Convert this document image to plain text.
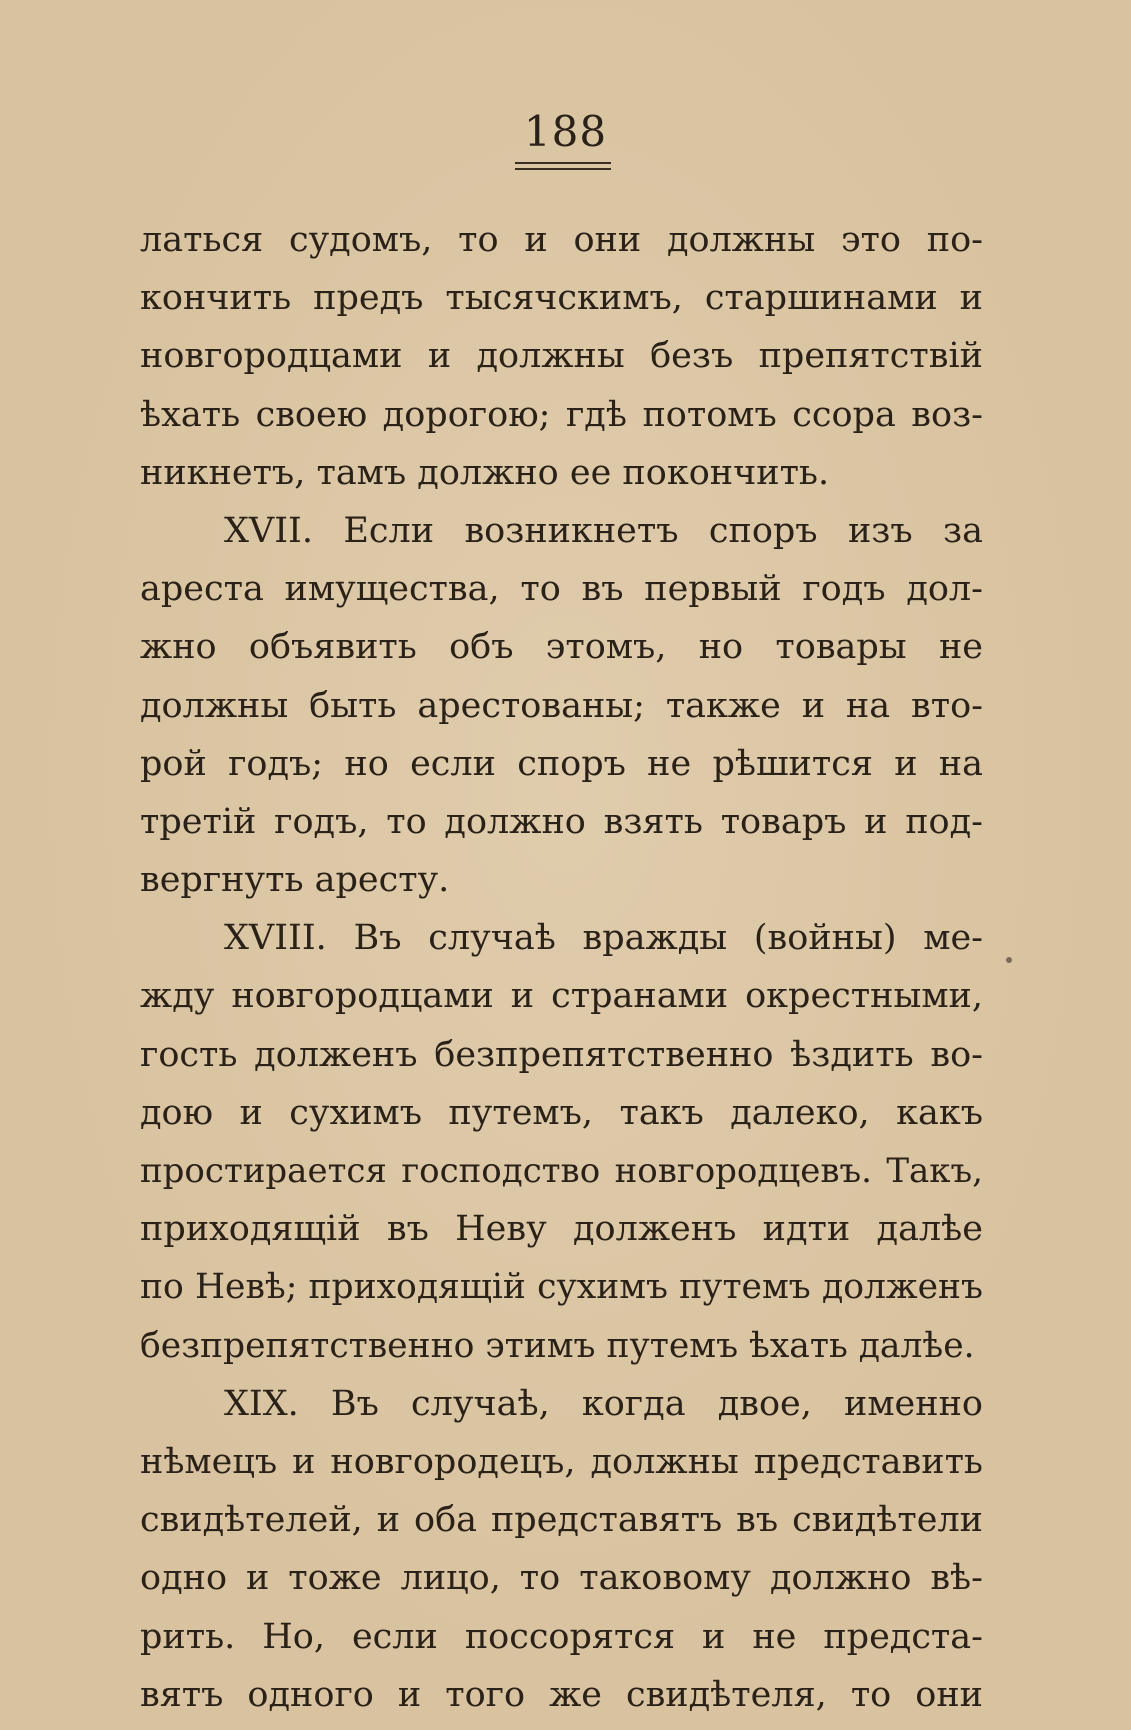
188
латься судомъ, то и они должны это по-
кончить предъ тысячскимъ, старшинами и
новгородцами и должны безъ препятствій
ѣхать своею дорогою; гдѣ потомъ ссора воз-
никнетъ, тамъ должно ее покончить.
XVII. Если возникнетъ споръ изъ за
ареста имущества, то въ первый годъ дол-
жно объявить объ этомъ, но товары не
должны быть арестованы; также и на вто-
рой годъ; но если споръ не рѣшится и на
третій годъ, то должно взять товаръ и под-
вергнуть аресту.
XVIII. Въ случаѣ вражды (войны) ме-
жду новгородцами и странами окрестными,
гость долженъ безпрепятственно ѣздить во-
дою и сухимъ путемъ, такъ далеко, какъ
простирается господство новгородцевъ. Такъ,
приходящій въ Неву долженъ идти далѣе
по Невѣ; приходящій сухимъ путемъ долженъ
безпрепятственно этимъ путемъ ѣхать далѣе.
XIX. Въ случаѣ, когда двое, именно
нѣмецъ и новгородецъ, должны представить
свидѣтелей, и оба представятъ въ свидѣтели
одно и тоже лицо, то таковому должно вѣ-
рить. Но, если поссорятся и не предста-
вятъ одного и того же свидѣтеля, то они
